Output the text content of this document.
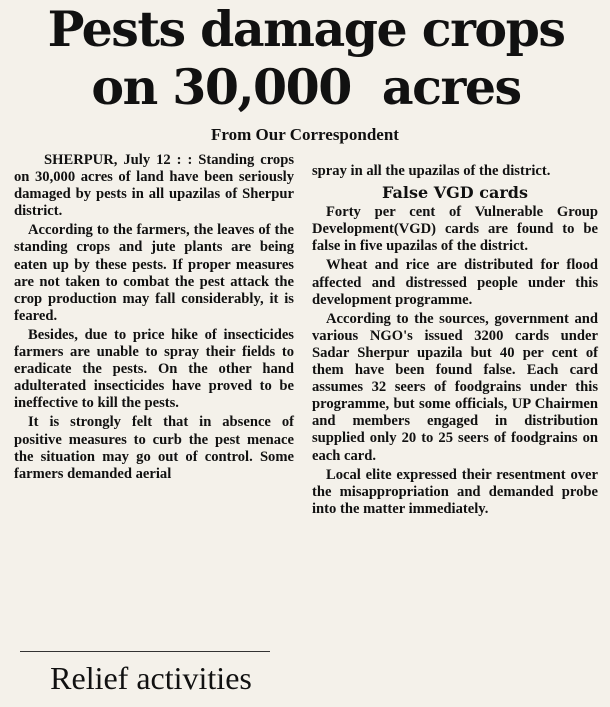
Pests damage crops
on 30,000  acres
From Our Correspondent

SHERPUR, July 12 : : Standing crops on 30,000 acres of land have been seriously damaged by pests in all upazilas of Sherpur district.

According to the farmers, the leaves of the standing crops and jute plants are being eaten up by these pests. If proper measures are not taken to combat the pest attack the crop production may fall considerably, it is feared.

Besides, due to price hike of insecticides farmers are unable to spray their fields to eradicate the pests. On the other hand adulterated insecticides have proved to be ineffective to kill the pests.

It is strongly felt that in absence of positive measures to curb the pest menace the situation may go out of control. Some farmers demanded aerial

spray in all the upazilas of the district.

False VGD cards

Forty per cent of Vulnerable Group Development(VGD) cards are found to be false in five upazilas of the district.

Wheat and rice are distributed for flood affected and distressed people under this development programme.

According to the sources, government and various NGO's issued 3200 cards under Sadar Sherpur upazila but 40 per cent of them have been found false. Each card assumes 32 seers of foodgrains under this programme, but some officials, UP Chairmen and members engaged in distribution supplied only 20 to 25 seers of foodgrains on each card.

Local elite expressed their resentment over the misappropriation and demanded probe into the matter immediately.

Relief activities
